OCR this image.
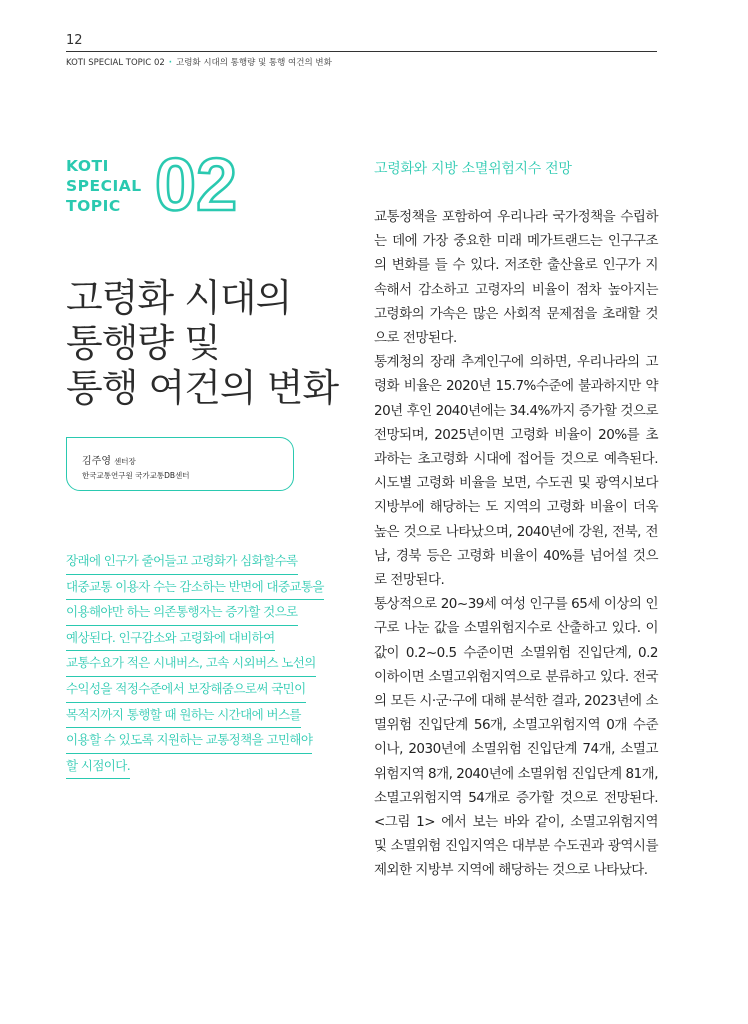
12
KOTI SPECIAL TOPIC 02 · 고령화 시대의 통행량 및 통행 여건의 변화
KOTI
SPECIAL
TOPIC 02
고령화 시대의
통행량 및
통행 여건의 변화
김주영 센터장
한국교통연구원 국가교통DB센터
장래에 인구가 줄어들고 고령화가 심화할수록
대중교통 이용자 수는 감소하는 반면에 대중교통을
이용해야만 하는 의존통행자는 증가할 것으로
예상된다. 인구감소와 고령화에 대비하여
교통수요가 적은 시내버스, 고속 시외버스 노선의
수익성을 적정수준에서 보장해줌으로써 국민이
목적지까지 통행할 때 원하는 시간대에 버스를
이용할 수 있도록 지원하는 교통정책을 고민해야
할 시점이다.
고령화와 지방 소멸위험지수 전망

교통정책을 포함하여 우리나라 국가정책을 수립하는 데에 가장 중요한 미래 메가트랜드는 인구구조의 변화를 들 수 있다. 저조한 출산율로 인구가 지속해서 감소하고 고령자의 비율이 점차 높아지는 고령화의 가속은 많은 사회적 문제점을 초래할 것으로 전망된다.

통계청의 장래 추계인구에 의하면, 우리나라의 고령화 비율은 2020년 15.7%수준에 불과하지만 약 20년 후인 2040년에는 34.4%까지 증가할 것으로 전망되며, 2025년이면 고령화 비율이 20%를 초과하는 초고령화 시대에 접어들 것으로 예측된다. 시도별 고령화 비율을 보면, 수도권 및 광역시보다 지방부에 해당하는 도 지역의 고령화 비율이 더욱 높은 것으로 나타났으며, 2040년에 강원, 전북, 전남, 경북 등은 고령화 비율이 40%를 넘어설 것으로 전망된다.

통상적으로 20~39세 여성 인구를 65세 이상의 인구로 나눈 값을 소멸위험지수로 산출하고 있다. 이 값이 0.2~0.5 수준이면 소멸위험 진입단계, 0.2 이하이면 소멸고위험지역으로 분류하고 있다. 전국의 모든 시·군·구에 대해 분석한 결과, 2023년에 소멸위험 진입단계 56개, 소멸고위험지역 0개 수준이나, 2030년에 소멸위험 진입단계 74개, 소멸고위험지역 8개, 2040년에 소멸위험 진입단계 81개, 소멸고위험지역 54개로 증가할 것으로 전망된다. <그림 1> 에서 보는 바와 같이, 소멸고위험지역 및 소멸위험 진입지역은 대부분 수도권과 광역시를 제외한 지방부 지역에 해당하는 것으로 나타났다.
